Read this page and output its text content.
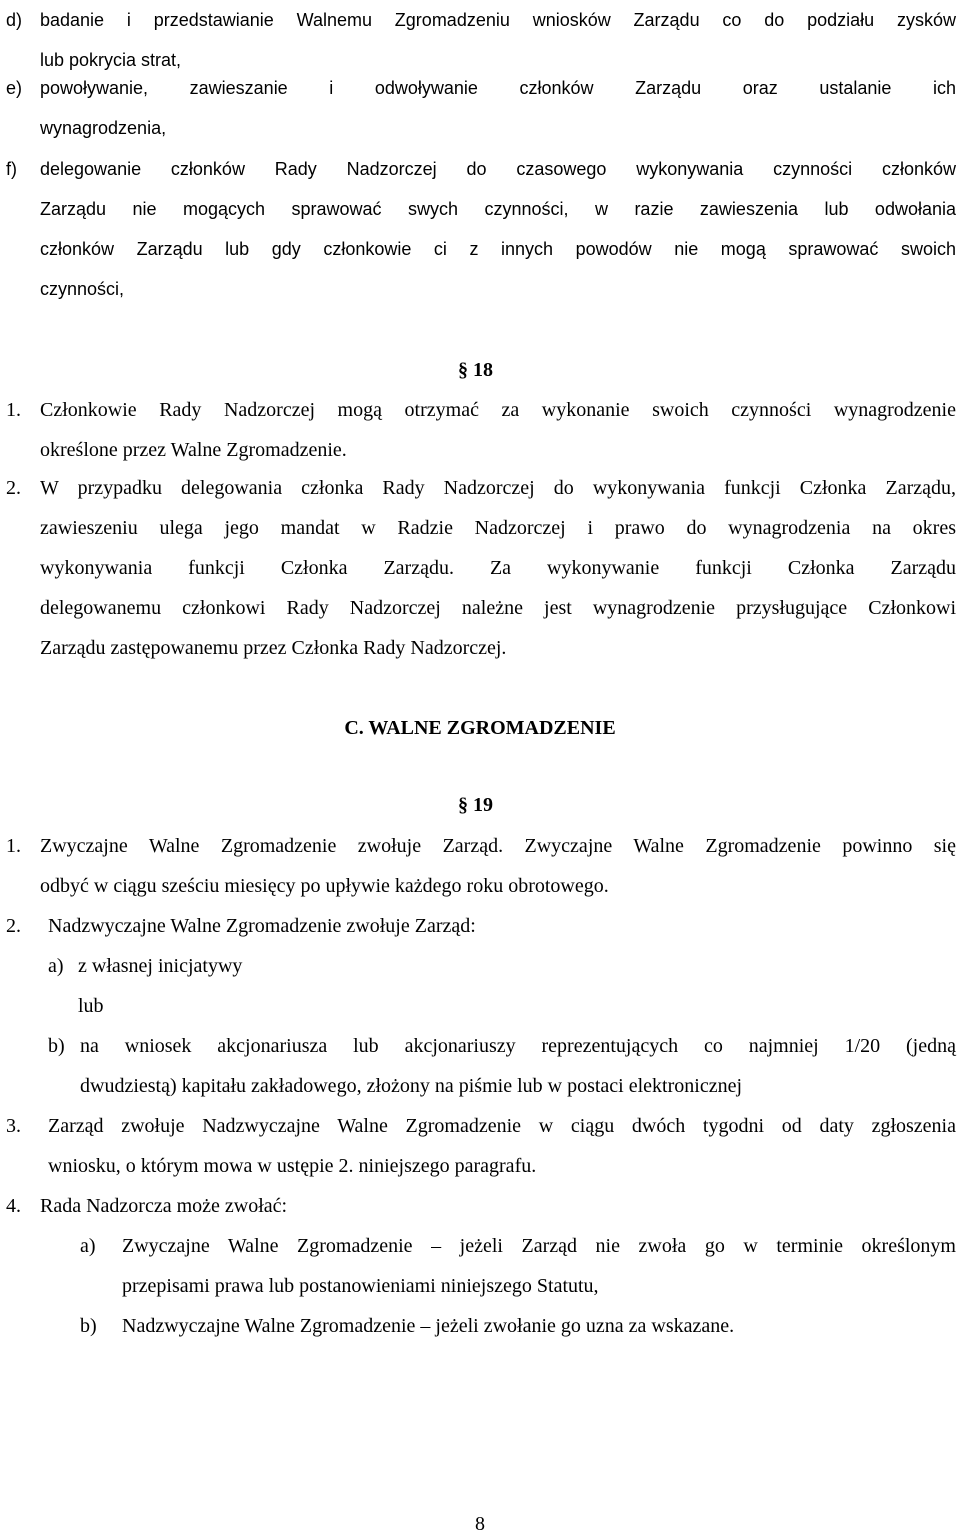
d) badanie i przedstawianie Walnemu Zgromadzeniu wniosków Zarządu co do podziału zysków
lub pokrycia strat,
e) powoływanie, zawieszanie i odwoływanie członków Zarządu oraz ustalanie ich
wynagrodzenia,
f)	delegowanie członków Rady Nadzorczej do czasowego wykonywania czynności członków
Zarządu nie mogących sprawować swych czynności, w razie zawieszenia lub odwołania
członków Zarządu lub gdy członkowie ci z innych powodów nie mogą sprawować swoich
czynności,
§ 18
1. Członkowie Rady Nadzorczej mogą otrzymać za wykonanie swoich czynności wynagrodzenie
określone przez Walne Zgromadzenie.
2. W przypadku delegowania członka Rady Nadzorczej do wykonywania funkcji Członka Zarządu,
zawieszeniu ulega jego mandat w Radzie Nadzorczej i prawo do wynagrodzenia na okres
wykonywania funkcji Członka Zarządu. Za wykonywanie funkcji Członka Zarządu
delegowanemu członkowi Rady Nadzorczej należne jest wynagrodzenie przysługujące Członkowi
Zarządu zastępowanemu przez Członka Rady Nadzorczej.
C. WALNE ZGROMADZENIE
§ 19
1. Zwyczajne Walne Zgromadzenie zwołuje Zarząd. Zwyczajne Walne Zgromadzenie powinno się
odbyć w ciągu sześciu miesięcy po upływie każdego roku obrotowego.
2.	Nadzwyczajne Walne Zgromadzenie zwołuje Zarząd:
a) z własnej inicjatywy
lub
b) na wniosek akcjonariusza lub akcjonariuszy reprezentujących co najmniej 1/20 (jedną
dwudziestą) kapitału zakładowego, złożony na piśmie lub w postaci elektronicznej
3.	Zarząd zwołuje Nadzwyczajne Walne Zgromadzenie w ciągu dwóch tygodni od daty zgłoszenia
wniosku, o którym mowa w ustępie 2. niniejszego paragrafu.
4. Rada Nadzorcza może zwołać:
a)	Zwyczajne Walne Zgromadzenie – jeżeli Zarząd nie zwoła go w terminie określonym
przepisami prawa lub postanowieniami niniejszego Statutu,
b)	Nadzwyczajne Walne Zgromadzenie – jeżeli zwołanie go uzna za wskazane.
8
